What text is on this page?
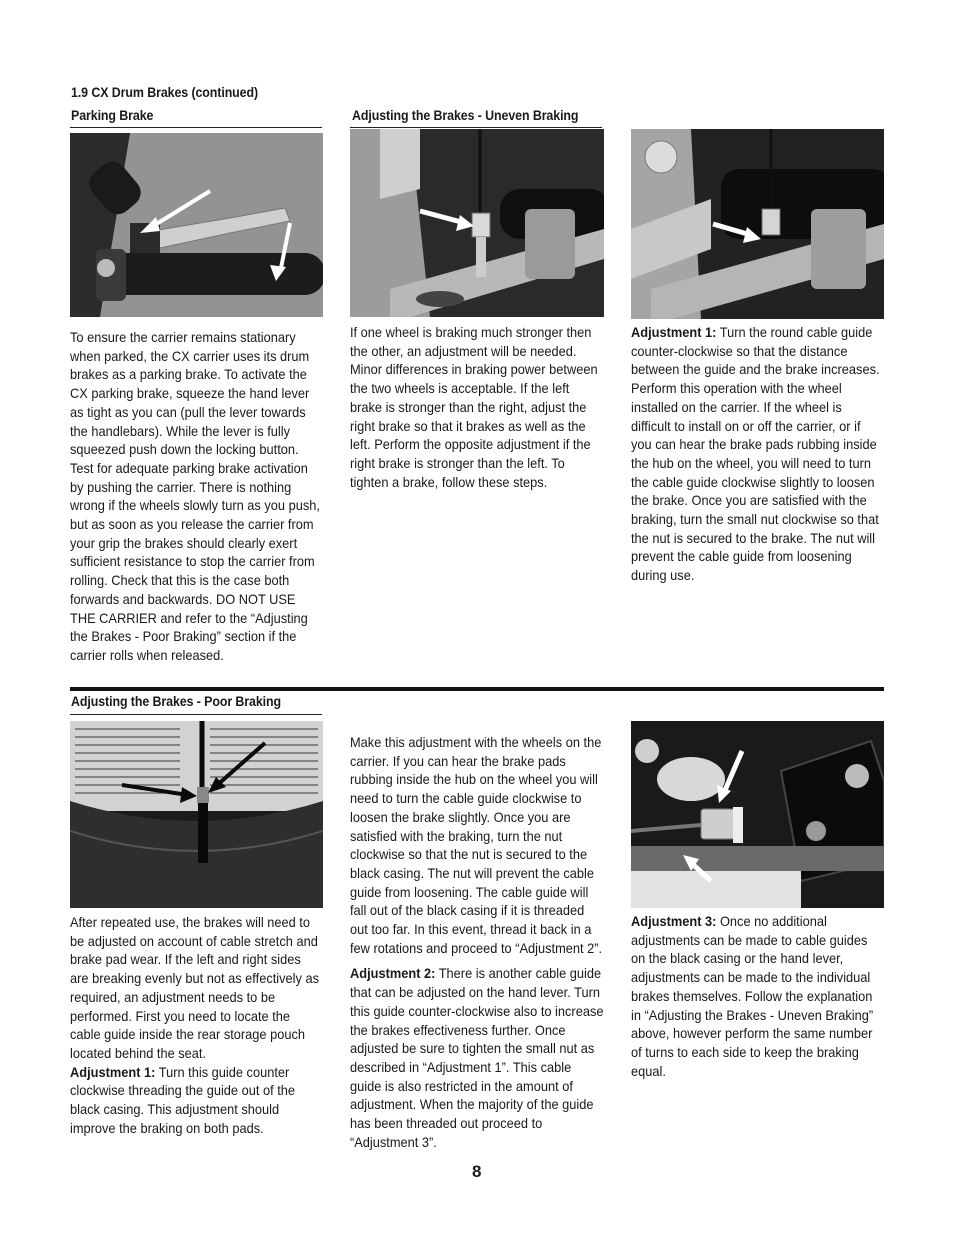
1.9 CX Drum Brakes (continued)
Parking Brake	Adjusting the Brakes - Uneven Braking

To ensure the carrier remains stationary when parked, the CX carrier uses its drum brakes as a parking brake. To activate the CX parking brake, squeeze the hand lever as tight as you can (pull the lever towards the handlebars). While the lever is fully squeezed push down the locking button. Test for adequate parking brake activation by pushing the carrier. There is nothing wrong if the wheels slowly turn as you push, but as soon as you release the carrier from your grip the brakes should clearly exert sufficient resistance to stop the carrier from rolling. Check that this is the case both forwards and backwards. DO NOT USE THE CARRIER and refer to the “Adjusting the Brakes - Poor Braking” section if the carrier rolls when released.

If one wheel is braking much stronger then the other, an adjustment will be needed. Minor differences in braking power between the two wheels is acceptable. If the left brake is stronger than the right, adjust the right brake so that it brakes as well as the left. Perform the opposite adjustment if the right brake is stronger than the left. To tighten a brake, follow these steps.

Adjustment 1: Turn the round cable guide counter-clockwise so that the distance between the guide and the brake increases. Perform this operation with the wheel installed on the carrier. If the wheel is difficult to install on or off the carrier, or if you can hear the brake pads rubbing inside the hub on the wheel, you will need to turn the cable guide clockwise slightly to loosen the brake. Once you are satisfied with the braking, turn the small nut clockwise so that the nut is secured to the brake. The nut will prevent the cable guide from loosening during use.

Adjusting the Brakes - Poor Braking

After repeated use, the brakes will need to be adjusted on account of cable stretch and brake pad wear. If the left and right sides are breaking evenly but not as effectively as required, an adjustment needs to be performed. First you need to locate the cable guide inside the rear storage pouch located behind the seat.

Adjustment 1: Turn this guide counter clockwise threading the guide out of the black casing. This adjustment should improve the braking on both pads.

Make this adjustment with the wheels on the carrier. If you can hear the brake pads rubbing inside the hub on the wheel you will need to turn the cable guide clockwise to loosen the brake slightly. Once you are satisfied with the braking, turn the nut clockwise so that the nut is secured to the black casing. The nut will prevent the cable guide from loosening. The cable guide will fall out of the black casing if it is threaded out too far. In this event, thread it back in a few rotations and proceed to “Adjustment 2”.

Adjustment 2: There is another cable guide that can be adjusted on the hand lever. Turn this guide counter-clockwise also to increase the brakes effectiveness further. Once adjusted be sure to tighten the small nut as described in “Adjustment 1”. This cable guide is also restricted in the amount of adjustment. When the majority of the guide has been threaded out proceed to “Adjustment 3”.

Adjustment 3: Once no additional adjustments can be made to cable guides on the black casing or the hand lever, adjustments can be made to the individual brakes themselves. Follow the explanation in “Adjusting the Brakes - Uneven Braking” above, however perform the same number of turns to each side to keep the braking equal.

8
